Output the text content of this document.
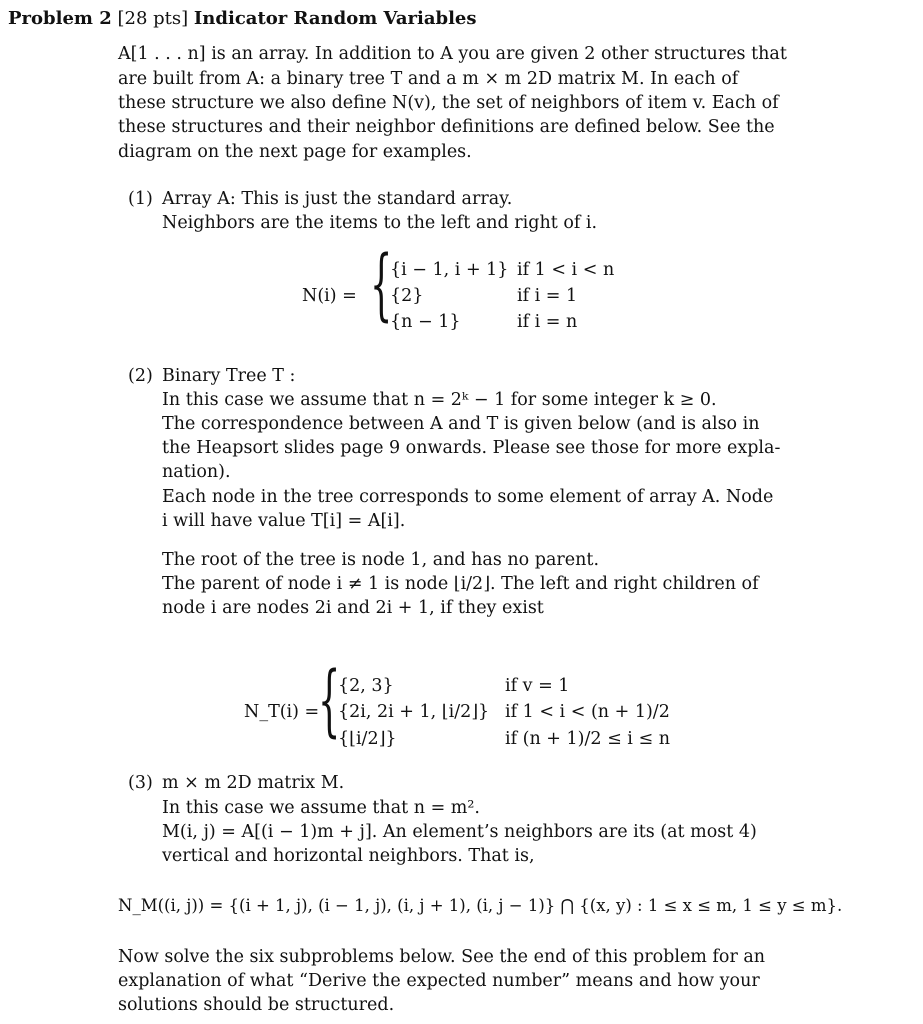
Problem 2 [28 pts] Indicator Random Variables
A[1 . . . n] is an array. In addition to A you are given 2 other structures that
are built from A: a binary tree T and a m × m 2D matrix M. In each of
these structure we also define N(v), the set of neighbors of item v. Each of
these structures and their neighbor definitions are defined below. See the
diagram on the next page for examples.
(1) Array A: This is just the standard array.
Neighbors are the items to the left and right of i.
N(i) = {
{i − 1, i + 1} if 1 < i < n
{2}	if i = 1
{n − 1}	if i = n
(2) Binary Tree T :
In this case we assume that n = 2ᵏ − 1 for some integer k ≥ 0.
The correspondence between A and T is given below (and is also in
the Heapsort slides page 9 onwards. Please see those for more expla-
nation).
Each node in the tree corresponds to some element of array A. Node
i will have value T[i] = A[i].
The root of the tree is node 1, and has no parent.
The parent of node i ≠ 1 is node ⌊i/2⌋. The left and right children of
node i are nodes 2i and 2i + 1, if they exist
N_T(i) =
{
{2, 3}	if v = 1
{2i, 2i + 1, ⌊i/2⌋} if 1 < i < (n + 1)/2
{⌊i/2⌋}	if (n + 1)/2 ≤ i ≤ n
(3) m × m 2D matrix M.
In this case we assume that n = m².
M(i, j) = A[(i − 1)m + j]. An element’s neighbors are its (at most 4)
vertical and horizontal neighbors. That is,
N_M((i, j)) = {(i + 1, j), (i − 1, j), (i, j + 1), (i, j − 1)} ⋂ {(x, y) : 1 ≤ x ≤ m, 1 ≤ y ≤ m}.
Now solve the six subproblems below. See the end of this problem for an
explanation of what “Derive the expected number” means and how your
solutions should be structured.
